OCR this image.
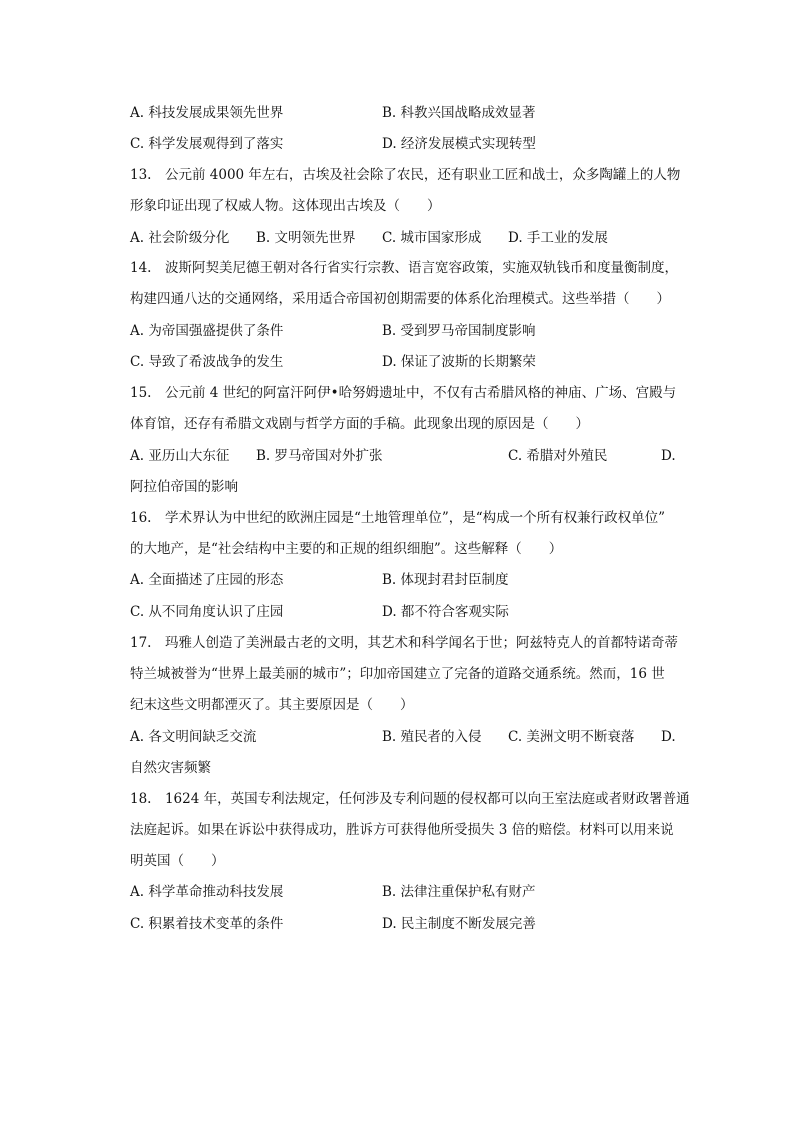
A. 科技发展成果领先世界	B. 科教兴国战略成效显著
C. 科学发展观得到了落实	D. 经济发展模式实现转型
13.　公元前 4000 年左右，古埃及社会除了农民，还有职业工匠和战士，众多陶罐上的人物
形象印证出现了权威人物。这体现出古埃及（　　）
A. 社会阶级分化 B. 文明领先世界 C. 城市国家形成 D. 手工业的发展
14.　波斯阿契美尼德王朝对各行省实行宗教、语言宽容政策，实施双轨钱币和度量衡制度，
构建四通八达的交通网络，采用适合帝国初创期需要的体系化治理模式。这些举措（　　）
A. 为帝国强盛提供了条件	B. 受到罗马帝国制度影响
C. 导致了希波战争的发生	D. 保证了波斯的长期繁荣
15.　公元前 4 世纪的阿富汗阿伊•哈努姆遗址中，不仅有古希腊风格的神庙、广场、宫殿与
体育馆，还存有希腊文戏剧与哲学方面的手稿。此现象出现的原因是（　　）
A. 亚历山大东征 B. 罗马帝国对外扩张	C. 希腊对外殖民	D.
阿拉伯帝国的影响
16.　学术界认为中世纪的欧洲庄园是“土地管理单位”，是“构成一个所有权兼行政权单位”
的大地产，是“社会结构中主要的和正规的组织细胞”。这些解释（　　）
A. 全面描述了庄园的形态	B. 体现封君封臣制度
C. 从不同角度认识了庄园	D. 都不符合客观实际
17.　玛雅人创造了美洲最古老的文明，其艺术和科学闻名于世；阿兹特克人的首都特诺奇蒂
特兰城被誉为“世界上最美丽的城市”；印加帝国建立了完备的道路交通系统。然而，16 世
纪末这些文明都湮灭了。其主要原因是（　　）
A. 各文明间缺乏交流	B. 殖民者的入侵 C. 美洲文明不断衰落 D.
自然灾害频繁
18.　1624 年，英国专利法规定，任何涉及专利问题的侵权都可以向王室法庭或者财政署普通
法庭起诉。如果在诉讼中获得成功，胜诉方可获得他所受损失 3 倍的赔偿。材料可以用来说
明英国（　　）
A. 科学革命推动科技发展	B. 法律注重保护私有财产
C. 积累着技术变革的条件	D. 民主制度不断发展完善
